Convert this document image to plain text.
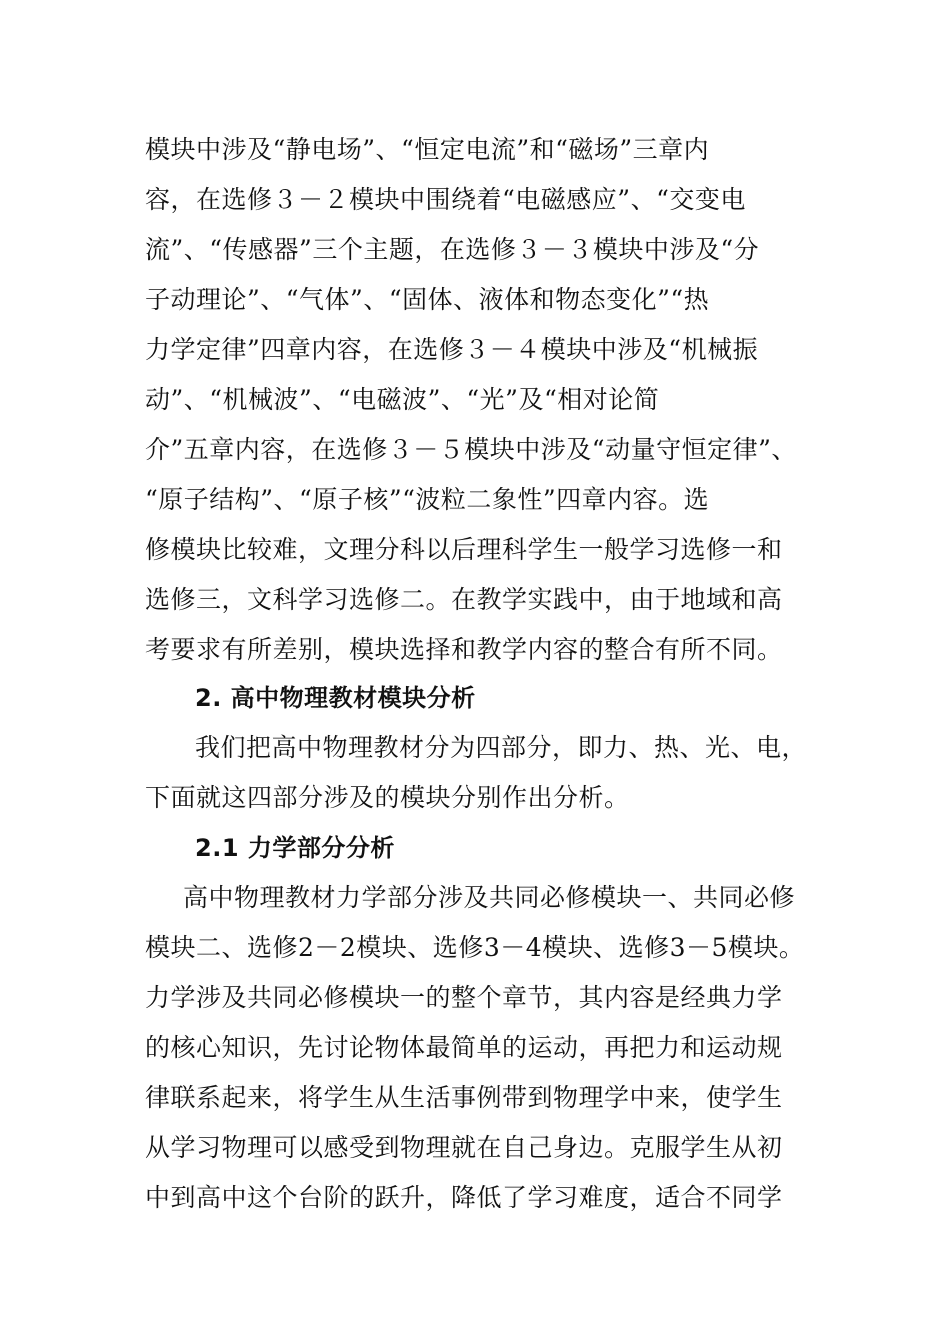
模块中涉及“静电场”、“恒定电流”和“磁场”三章内
容，在选修３－２模块中围绕着“电磁感应”、“交变电
流”、“传感器”三个主题，在选修３－３模块中涉及“分
子动理论”、“气体”、“固体、液体和物态变化”“热
力学定律”四章内容，在选修３－４模块中涉及“机械振
动”、“机械波”、“电磁波”、“光”及“相对论简
介”五章内容，在选修３－５模块中涉及“动量守恒定律”、
“原子结构”、“原子核”“波粒二象性”四章内容。选
修模块比较难，文理分科以后理科学生一般学习选修一和
选修三，文科学习选修二。在教学实践中，由于地域和高
考要求有所差别，模块选择和教学内容的整合有所不同。
2. 高中物理教材模块分析
我们把高中物理教材分为四部分，即力、热、光、电，
下面就这四部分涉及的模块分别作出分析。
2.1 力学部分分析
高中物理教材力学部分涉及共同必修模块一、共同必修
模块二、选修2－2模块、选修3－4模块、选修3－5模块。
力学涉及共同必修模块一的整个章节，其内容是经典力学
的核心知识，先讨论物体最简单的运动，再把力和运动规
律联系起来，将学生从生活事例带到物理学中来，使学生
从学习物理可以感受到物理就在自己身边。克服学生从初
中到高中这个台阶的跃升，降低了学习难度，适合不同学
